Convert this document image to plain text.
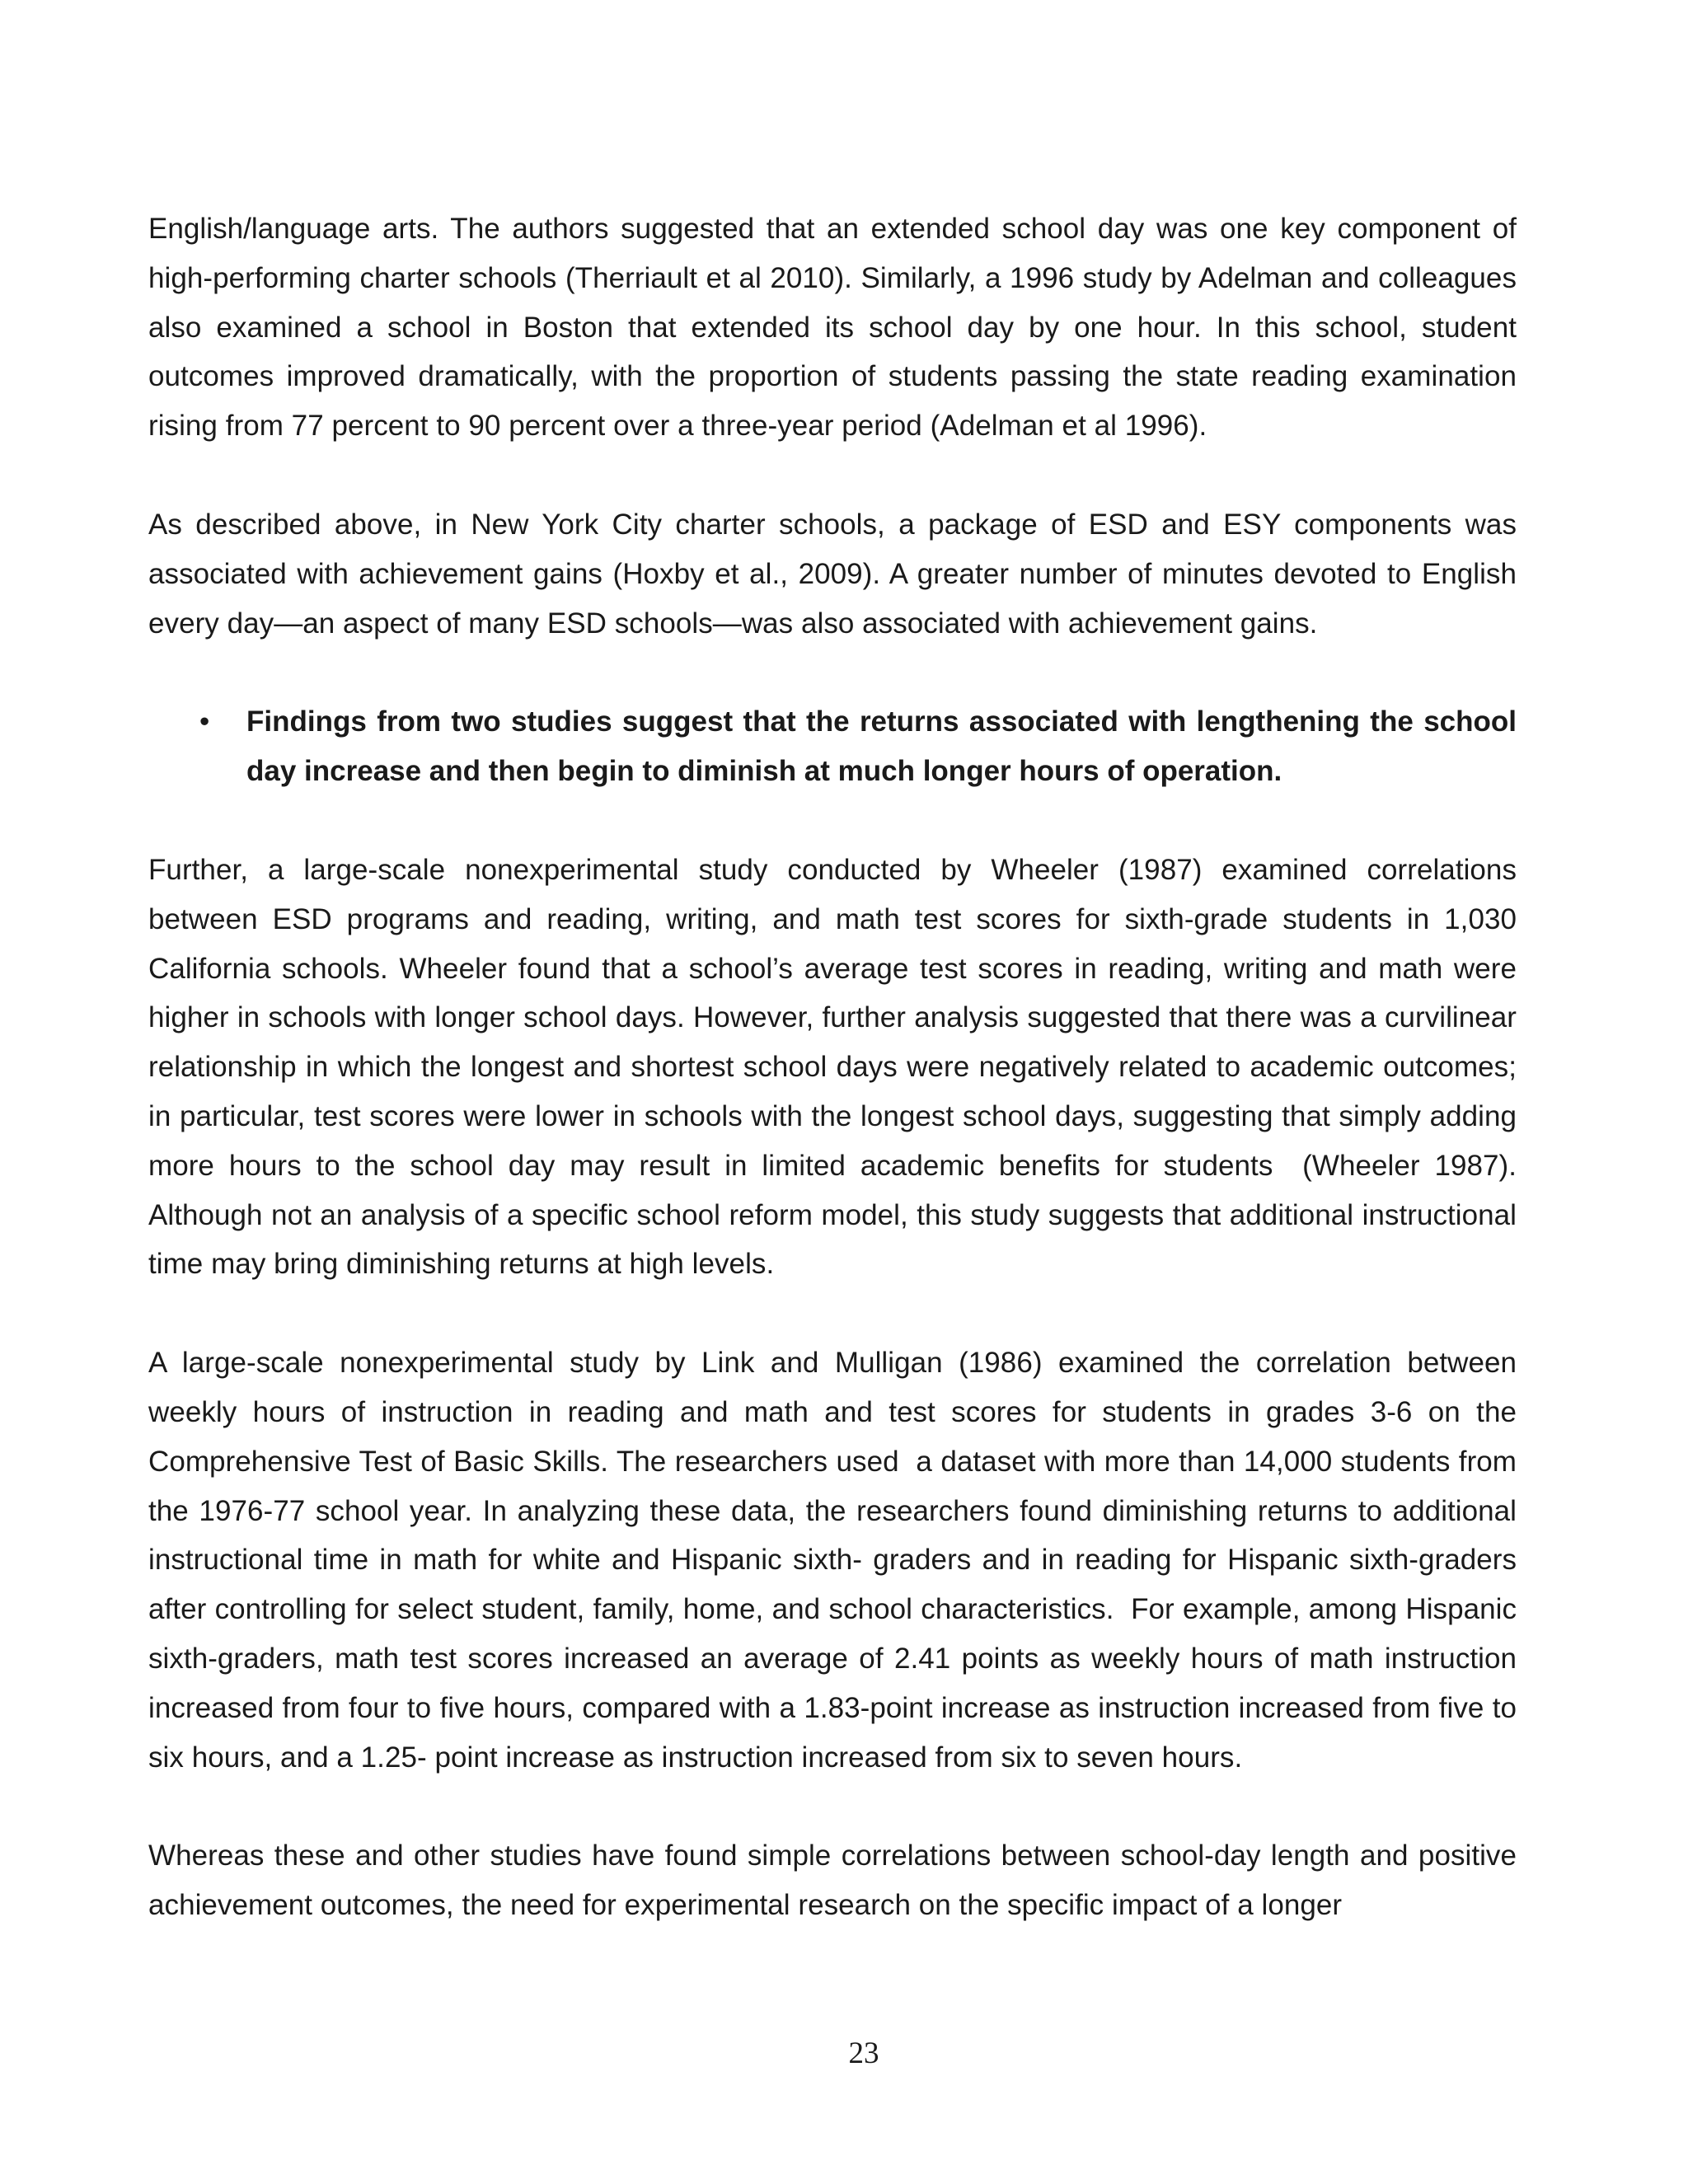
English/language arts. The authors suggested that an extended school day was one key component of high-performing charter schools (Therriault et al 2010). Similarly, a 1996 study by Adelman and colleagues also examined a school in Boston that extended its school day by one hour. In this school, student outcomes improved dramatically, with the proportion of students passing the state reading examination rising from 77 percent to 90 percent over a three-year period (Adelman et al 1996).

As described above, in New York City charter schools, a package of ESD and ESY components was associated with achievement gains (Hoxby et al., 2009). A greater number of minutes devoted to English every day—an aspect of many ESD schools—was also associated with achievement gains.

• Findings from two studies suggest that the returns associated with lengthening the school day increase and then begin to diminish at much longer hours of operation.

Further, a large-scale nonexperimental study conducted by Wheeler (1987) examined correlations between ESD programs and reading, writing, and math test scores for sixth-grade students in 1,030 California schools. Wheeler found that a school’s average test scores in reading, writing and math were higher in schools with longer school days. However, further analysis suggested that there was a curvilinear relationship in which the longest and shortest school days were negatively related to academic outcomes; in particular, test scores were lower in schools with the longest school days, suggesting that simply adding more hours to the school day may result in limited academic benefits for students  (Wheeler 1987). Although not an analysis of a specific school reform model, this study suggests that additional instructional time may bring diminishing returns at high levels.

A large-scale nonexperimental study by Link and Mulligan (1986) examined the correlation between weekly hours of instruction in reading and math and test scores for students in grades 3-6 on the Comprehensive Test of Basic Skills. The researchers used  a dataset with more than 14,000 students from the 1976-77 school year. In analyzing these data, the researchers found diminishing returns to additional instructional time in math for white and Hispanic sixth- graders and in reading for Hispanic sixth-graders after controlling for select student, family, home, and school characteristics.  For example, among Hispanic sixth-graders, math test scores increased an average of 2.41 points as weekly hours of math instruction increased from four to five hours, compared with a 1.83-point increase as instruction increased from five to six hours, and a 1.25- point increase as instruction increased from six to seven hours.

Whereas these and other studies have found simple correlations between school-day length and positive achievement outcomes, the need for experimental research on the specific impact of a longer

23
